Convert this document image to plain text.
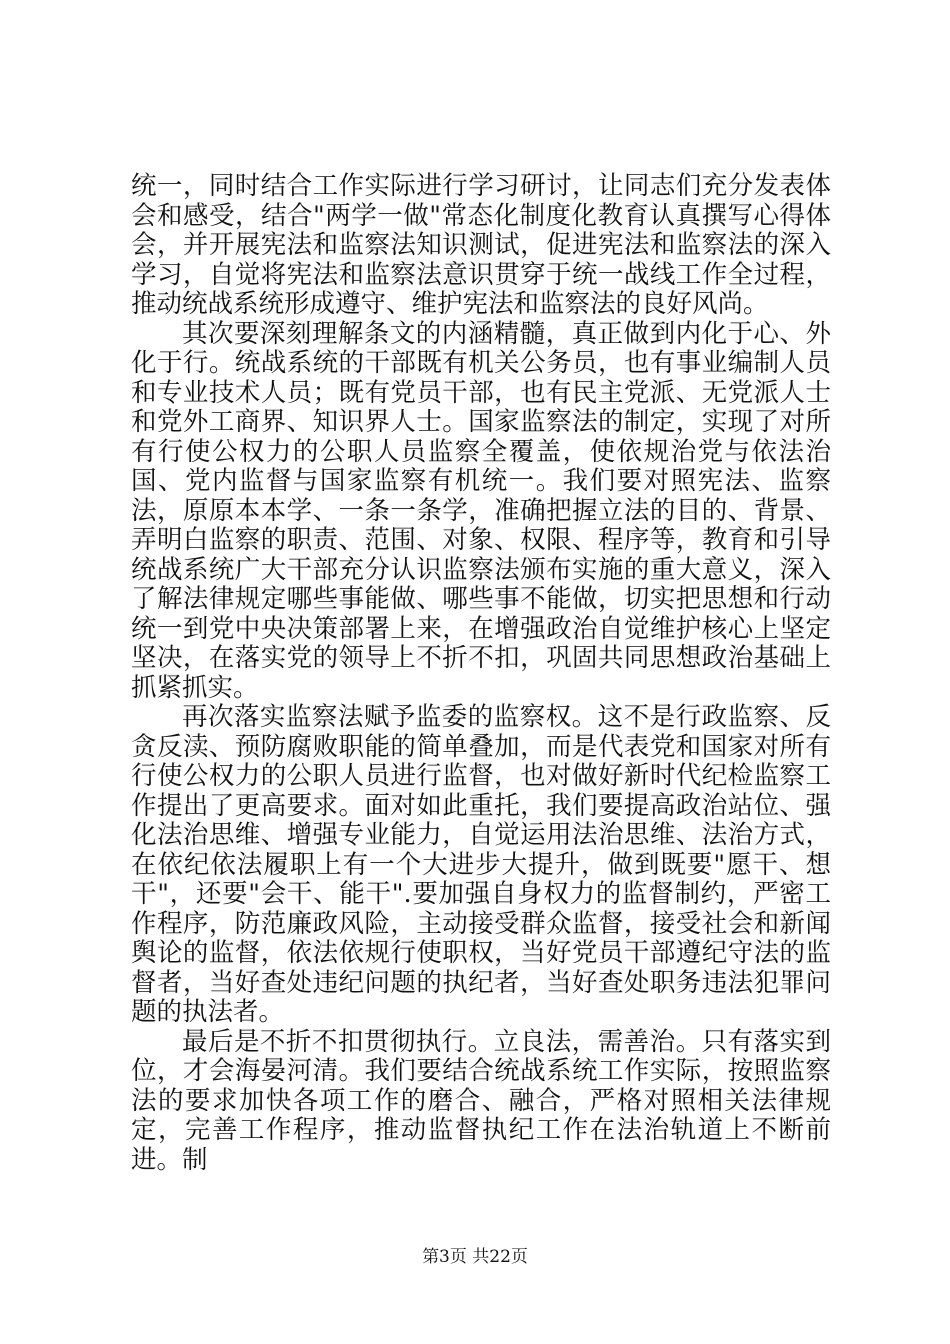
统一，同时结合工作实际进行学习研讨，让同志们充分发表体会和感受，结合"两学一做"常态化制度化教育认真撰写心得体会，并开展宪法和监察法知识测试，促进宪法和监察法的深入学习，自觉将宪法和监察法意识贯穿于统一战线工作全过程，推动统战系统形成遵守、维护宪法和监察法的良好风尚。

其次要深刻理解条文的内涵精髓，真正做到内化于心、外化于行。统战系统的干部既有机关公务员，也有事业编制人员和专业技术人员；既有党员干部，也有民主党派、无党派人士和党外工商界、知识界人士。国家监察法的制定，实现了对所有行使公权力的公职人员监察全覆盖，使依规治党与依法治国、党内监督与国家监察有机统一。我们要对照宪法、监察法，原原本本学、一条一条学，准确把握立法的目的、背景、弄明白监察的职责、范围、对象、权限、程序等，教育和引导统战系统广大干部充分认识监察法颁布实施的重大意义，深入了解法律规定哪些事能做、哪些事不能做，切实把思想和行动统一到党中央决策部署上来，在增强政治自觉维护核心上坚定坚决，在落实党的领导上不折不扣，巩固共同思想政治基础上抓紧抓实。

再次落实监察法赋予监委的监察权。这不是行政监察、反贪反渎、预防腐败职能的简单叠加，而是代表党和国家对所有行使公权力的公职人员进行监督，也对做好新时代纪检监察工作提出了更高要求。面对如此重托，我们要提高政治站位、强化法治思维、增强专业能力，自觉运用法治思维、法治方式，在依纪依法履职上有一个大进步大提升，做到既要"愿干、想干"，还要"会干、能干".要加强自身权力的监督制约，严密工作程序，防范廉政风险，主动接受群众监督，接受社会和新闻舆论的监督，依法依规行使职权，当好党员干部遵纪守法的监督者，当好查处违纪问题的执纪者，当好查处职务违法犯罪问题的执法者。

最后是不折不扣贯彻执行。立良法，需善治。只有落实到位，才会海晏河清。我们要结合统战系统工作实际，按照监察法的要求加快各项工作的磨合、融合，严格对照相关法律规定，完善工作程序，推动监督执纪工作在法治轨道上不断前进。制

第3页 共22页
